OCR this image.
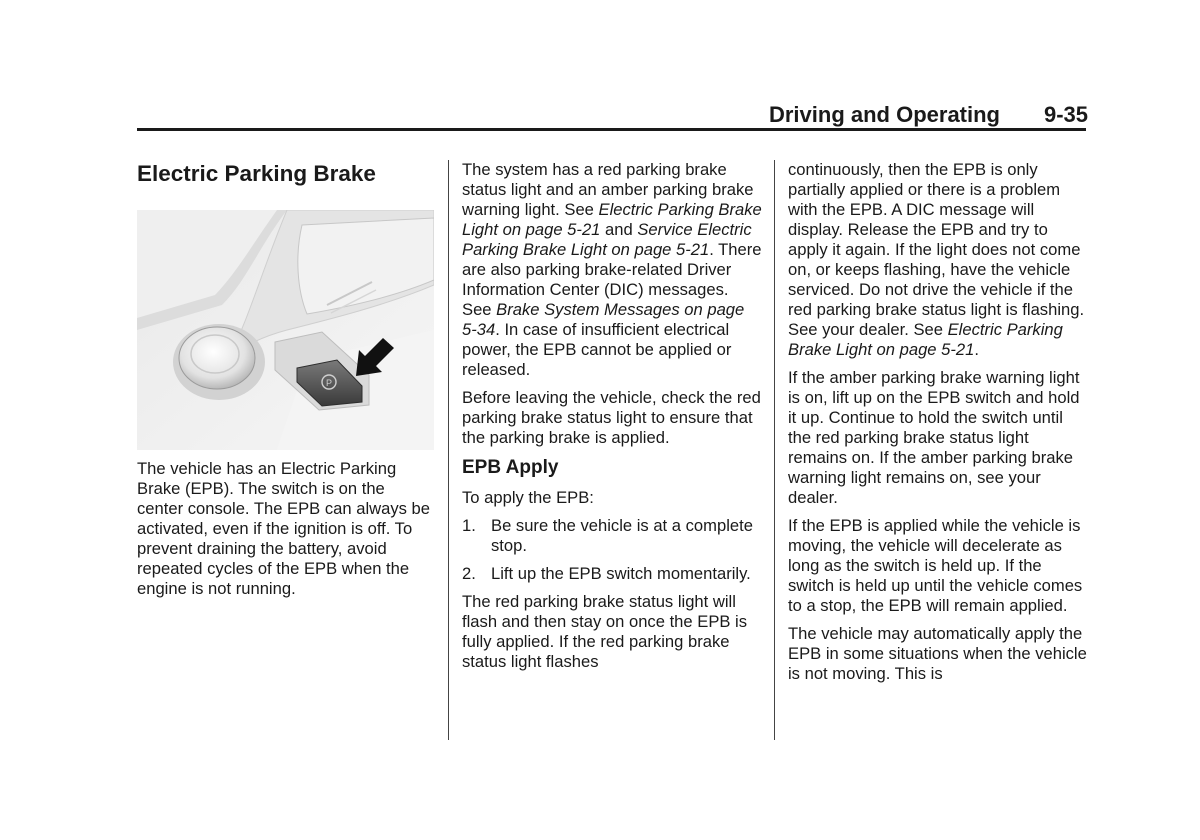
Driving and Operating	9-35
Electric Parking Brake
P

The vehicle has an Electric Parking Brake (EPB). The switch is on the center console. The EPB can always be activated, even if the ignition is off. To prevent draining the battery, avoid repeated cycles of the EPB when the engine is not running.

The system has a red parking brake status light and an amber parking brake warning light. See Electric Parking Brake Light on page 5-21 and Service Electric Parking Brake Light on page 5-21. There are also parking brake-related Driver Information Center (DIC) messages. See Brake System Messages on page 5-34. In case of insufficient electrical power, the EPB cannot be applied or released.

Before leaving the vehicle, check the red parking brake status light to ensure that the parking brake is applied.

EPB Apply

To apply the EPB:

1. Be sure the vehicle is at a complete stop.
2. Lift up the EPB switch momentarily.

The red parking brake status light will flash and then stay on once the EPB is fully applied. If the red parking brake status light flashes

continuously, then the EPB is only partially applied or there is a problem with the EPB. A DIC message will display. Release the EPB and try to apply it again. If the light does not come on, or keeps flashing, have the vehicle serviced. Do not drive the vehicle if the red parking brake status light is flashing. See your dealer. See Electric Parking Brake Light on page 5-21.

If the amber parking brake warning light is on, lift up on the EPB switch and hold it up. Continue to hold the switch until the red parking brake status light remains on. If the amber parking brake warning light remains on, see your dealer.

If the EPB is applied while the vehicle is moving, the vehicle will decelerate as long as the switch is held up. If the switch is held up until the vehicle comes to a stop, the EPB will remain applied.

The vehicle may automatically apply the EPB in some situations when the vehicle is not moving. This is
